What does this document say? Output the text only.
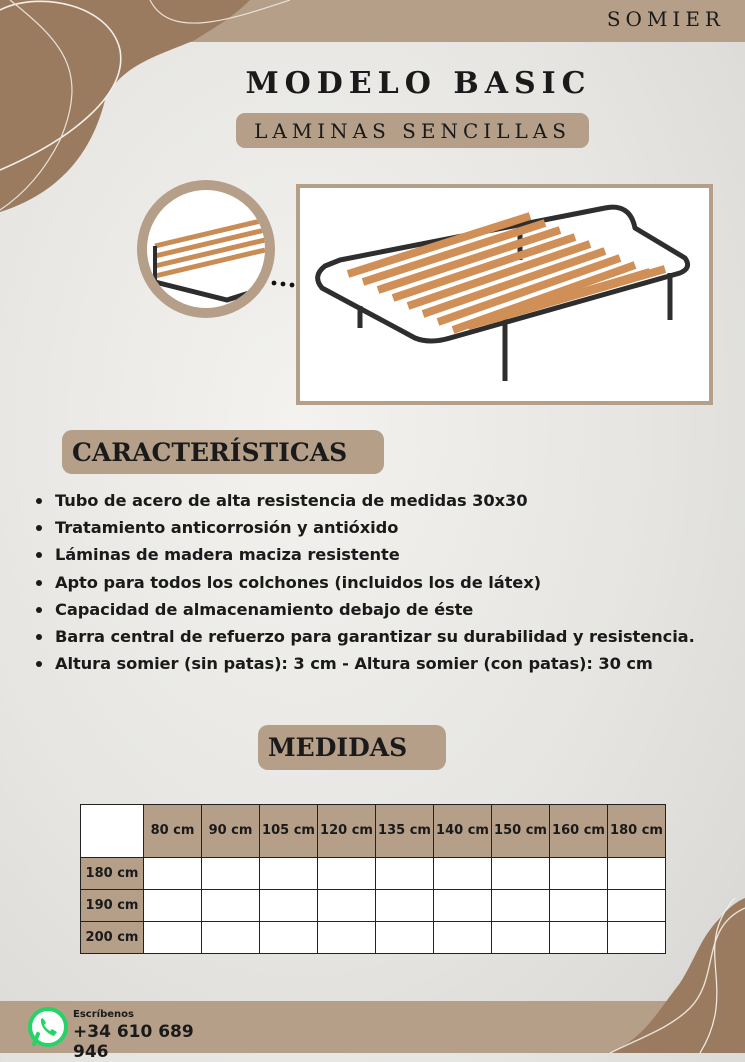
SOMIER
MODELO BASIC
LAMINAS SENCILLAS
CARACTERÍSTICAS
Tubo de acero de alta resistencia de medidas 30x30
Tratamiento anticorrosión y antióxido
Láminas de madera maciza resistente
Apto para todos los colchones (incluidos los de látex)
Capacidad de almacenamiento debajo de éste
Barra central de refuerzo para garantizar su durabilidad y resistencia.
Altura somier (sin patas): 3 cm - Altura somier (con patas): 30 cm
MEDIDAS
	80 cm	90 cm	105 cm	120 cm	135 cm	140 cm	150 cm	160 cm	180 cm
180 cm									
190 cm									
200 cm									
Escríbenos
+34 610 689 946
